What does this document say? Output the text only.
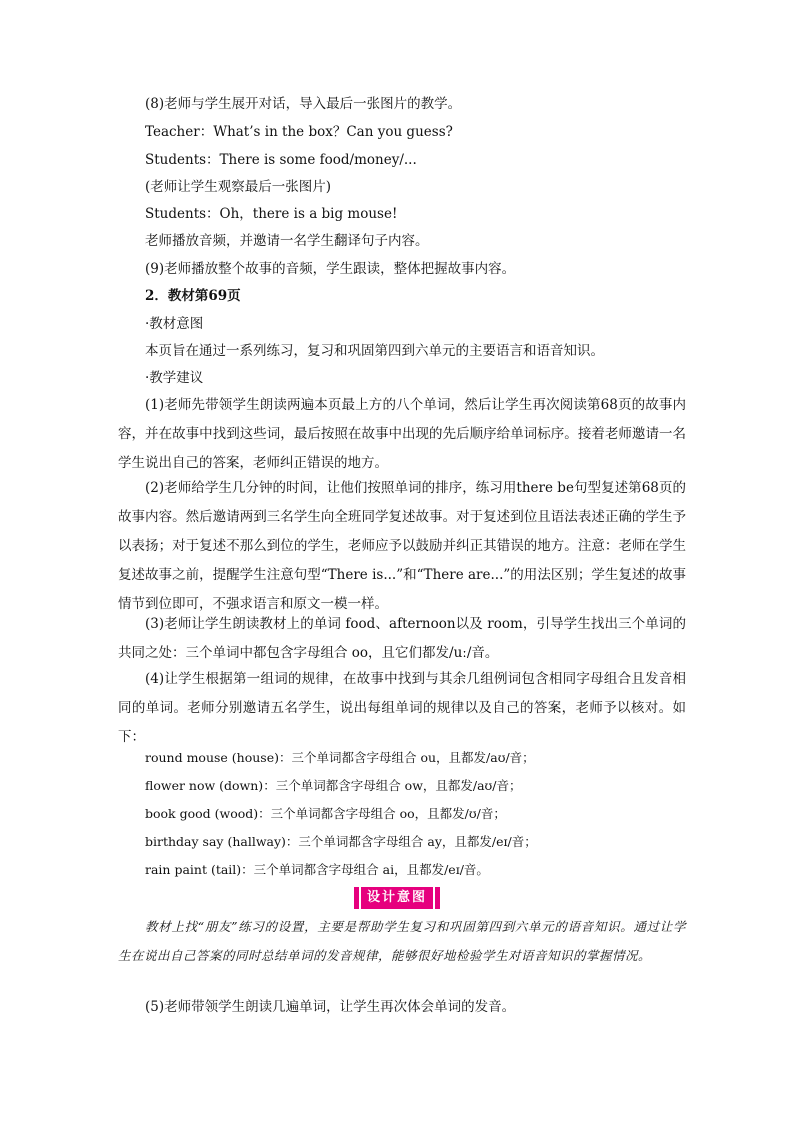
(8)老师与学生展开对话，导入最后一张图片的教学。
Teacher：What’s in the box？Can you guess?
Students：There is some food/money/...
(老师让学生观察最后一张图片)
Students：Oh，there is a big mouse!
老师播放音频，并邀请一名学生翻译句子内容。
(9)老师播放整个故事的音频，学生跟读，整体把握故事内容。
2．教材第69页
·教材意图
本页旨在通过一系列练习，复习和巩固第四到六单元的主要语言和语音知识。
·教学建议
(1)老师先带领学生朗读两遍本页最上方的八个单词，然后让学生再次阅读第68页的故事内容，并在故事中找到这些词，最后按照在故事中出现的先后顺序给单词标序。接着老师邀请一名学生说出自己的答案，老师纠正错误的地方。
(2)老师给学生几分钟的时间，让他们按照单词的排序，练习用there be句型复述第68页的故事内容。然后邀请两到三名学生向全班同学复述故事。对于复述到位且语法表述正确的学生予以表扬；对于复述不那么到位的学生，老师应予以鼓励并纠正其错误的地方。注意：老师在学生复述故事之前，提醒学生注意句型“There is...”和“There are...”的用法区别；学生复述的故事情节到位即可，不强求语言和原文一模一样。
(3)老师让学生朗读教材上的单词 food、afternoon以及 room，引导学生找出三个单词的共同之处：三个单词中都包含字母组合 oo，且它们都发/uː/音。
(4)让学生根据第一组词的规律，在故事中找到与其余几组例词包含相同字母组合且发音相同的单词。老师分别邀请五名学生，说出每组单词的规律以及自己的答案，老师予以核对。如下：
round mouse (house)：三个单词都含字母组合 ou，且都发/aʊ/音；
flower now (down)：三个单词都含字母组合 ow，且都发/aʊ/音；
book good (wood)：三个单词都含字母组合 oo，且都发/ʊ/音；
birthday say (hallway)：三个单词都含字母组合 ay，且都发/eɪ/音；
rain paint (tail)：三个单词都含字母组合 ai，且都发/eɪ/音。
设计意图
教材上找“朋友”练习的设置，主要是帮助学生复习和巩固第四到六单元的语音知识。通过让学生在说出自己答案的同时总结单词的发音规律，能够很好地检验学生对语音知识的掌握情况。
(5)老师带领学生朗读几遍单词，让学生再次体会单词的发音。
